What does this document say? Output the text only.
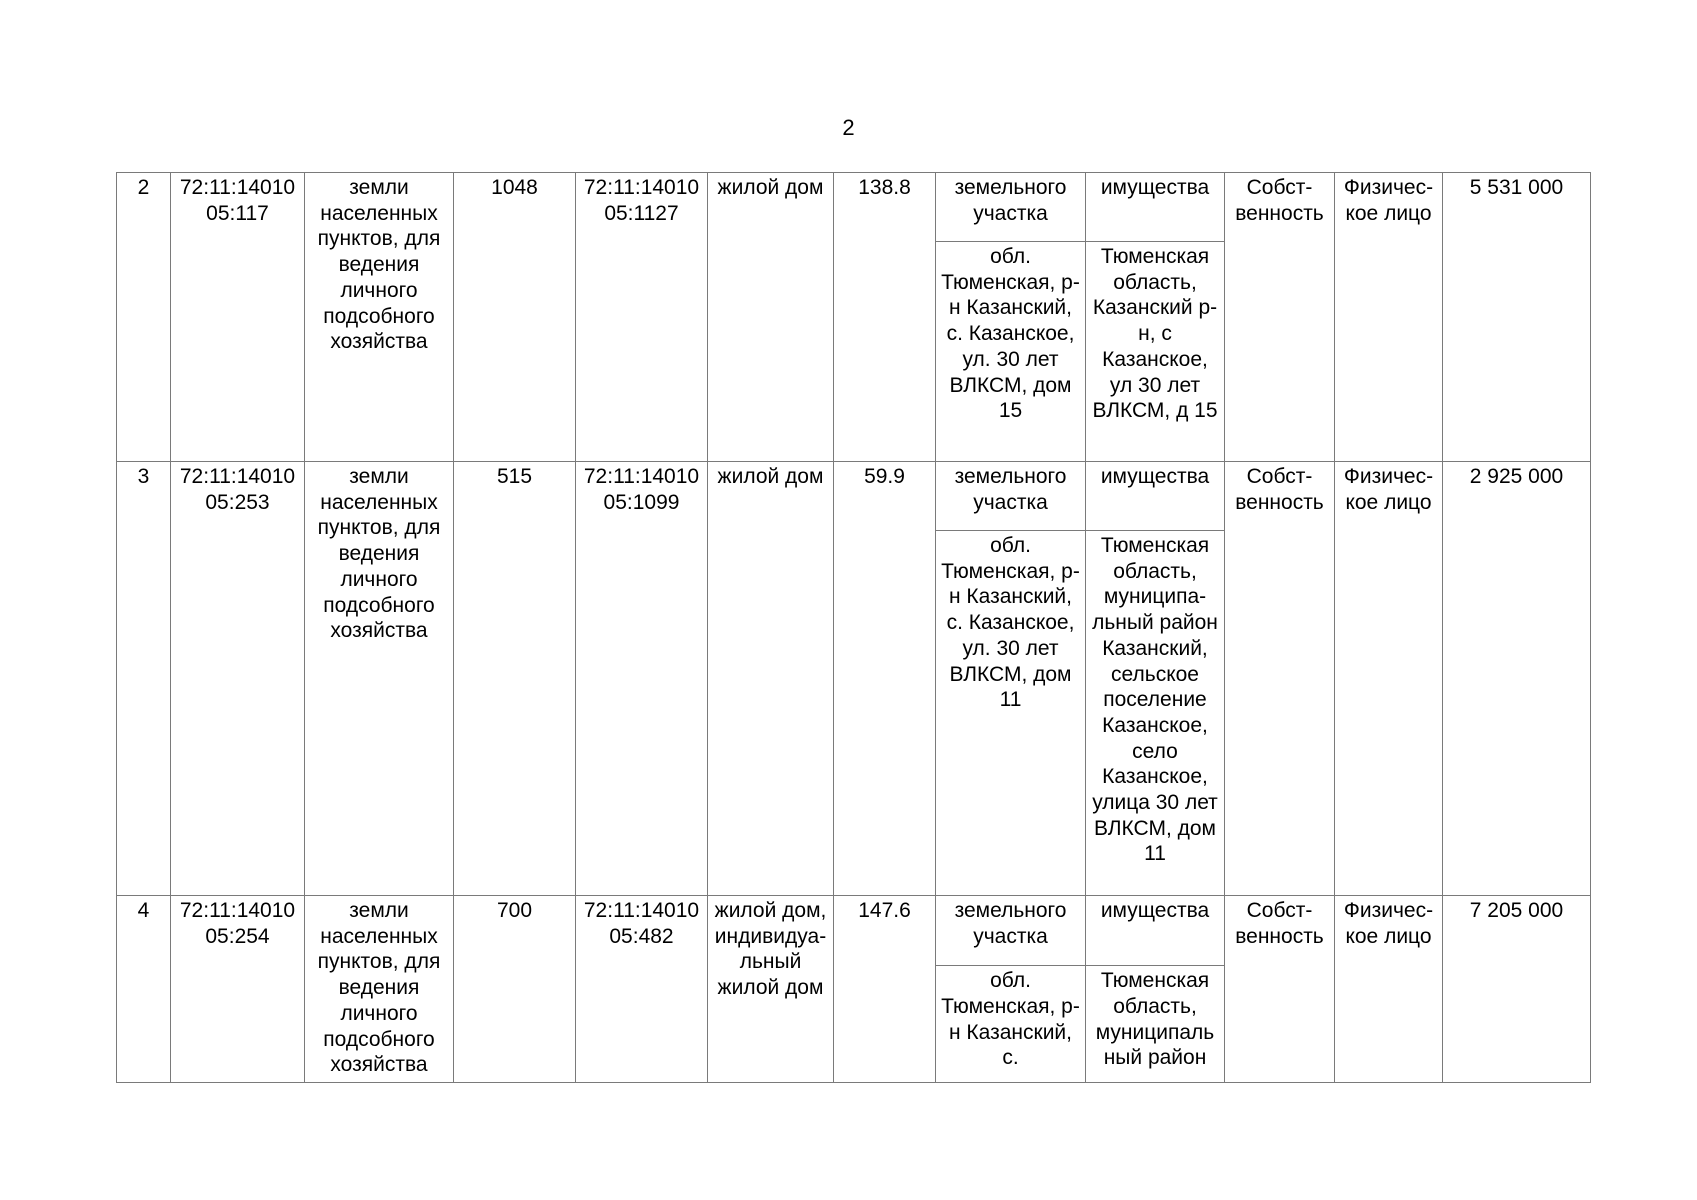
2
2	72:11:14010 05:117	земли населенных пунктов, для ведения личного подсобного хозяйства	1048	72:11:14010 05:1127	жилой дом	138.8	земельного участка	имущества	Собст-венность	Физичес-кое лицо	5 531 000
							обл. Тюменская, р-н Казанский, с. Казанское, ул. 30 лет ВЛКСМ, дом 15	Тюменская область, Казанский р-н, с Казанское, ул 30 лет ВЛКСМ, д 15			
3	72:11:14010 05:253	земли населенных пунктов, для ведения личного подсобного хозяйства	515	72:11:14010 05:1099	жилой дом	59.9	земельного участка	имущества	Собст-венность	Физичес-кое лицо	2 925 000
							обл. Тюменская, р-н Казанский, с. Казанское, ул. 30 лет ВЛКСМ, дом 11	Тюменская область, муниципа-льный район Казанский, сельское поселение Казанское, село Казанское, улица 30 лет ВЛКСМ, дом 11			
4	72:11:14010 05:254	земли населенных пунктов, для ведения личного подсобного хозяйства	700	72:11:14010 05:482	жилой дом, индивидуа-льный жилой дом	147.6	земельного участка	имущества	Собст-венность	Физичес-кое лицо	7 205 000
							обл. Тюменская, р-н Казанский, с.	Тюменская область, муниципаль ный район			
